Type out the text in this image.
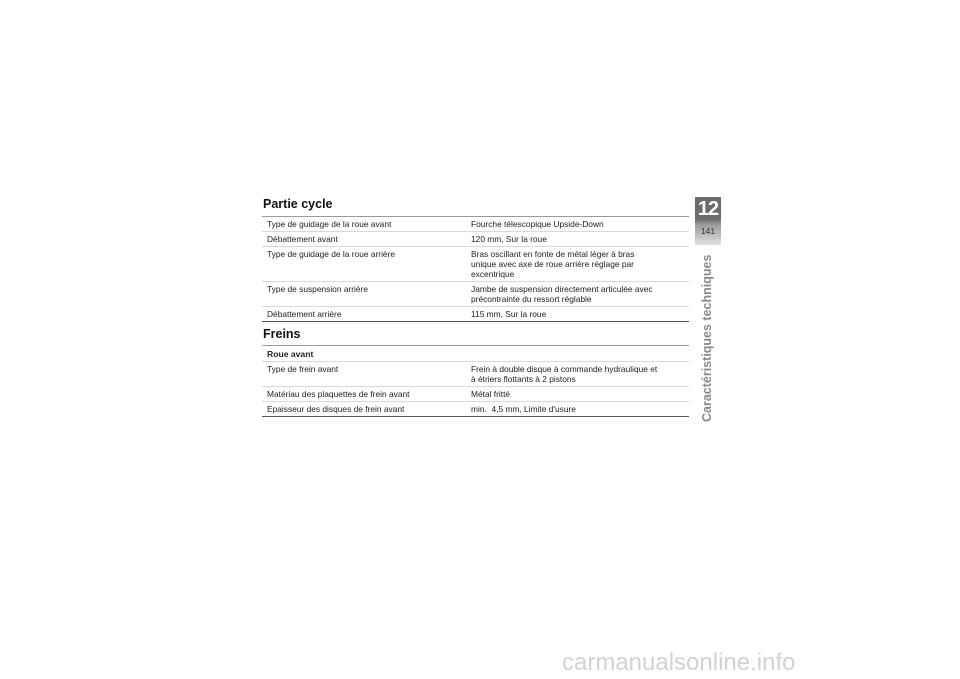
Partie cycle
Type de guidage de la roue avant	Fourche télescopique Upside-Down
Débattement avant	120 mm, Sur la roue
Type de guidage de la roue arrière	Bras oscillant en fonte de métal léger à bras
unique avec axe de roue arrière réglage par
excentrique
Type de suspension arrière	Jambe de suspension directement articulée avec
précontrainte du ressort réglable
Débattement arrière	115 mm, Sur la roue
Freins
Roue avant
Type de frein avant	Frein à double disque à commande hydraulique et
à étriers flottants à 2 pistons
Matériau des plaquettes de frein avant	Métal fritté
Epaisseur des disques de frein avant	min.  4,5 mm, Limite d'usure
12
141
Caractéristiques techniques
carmanualsonline.info
